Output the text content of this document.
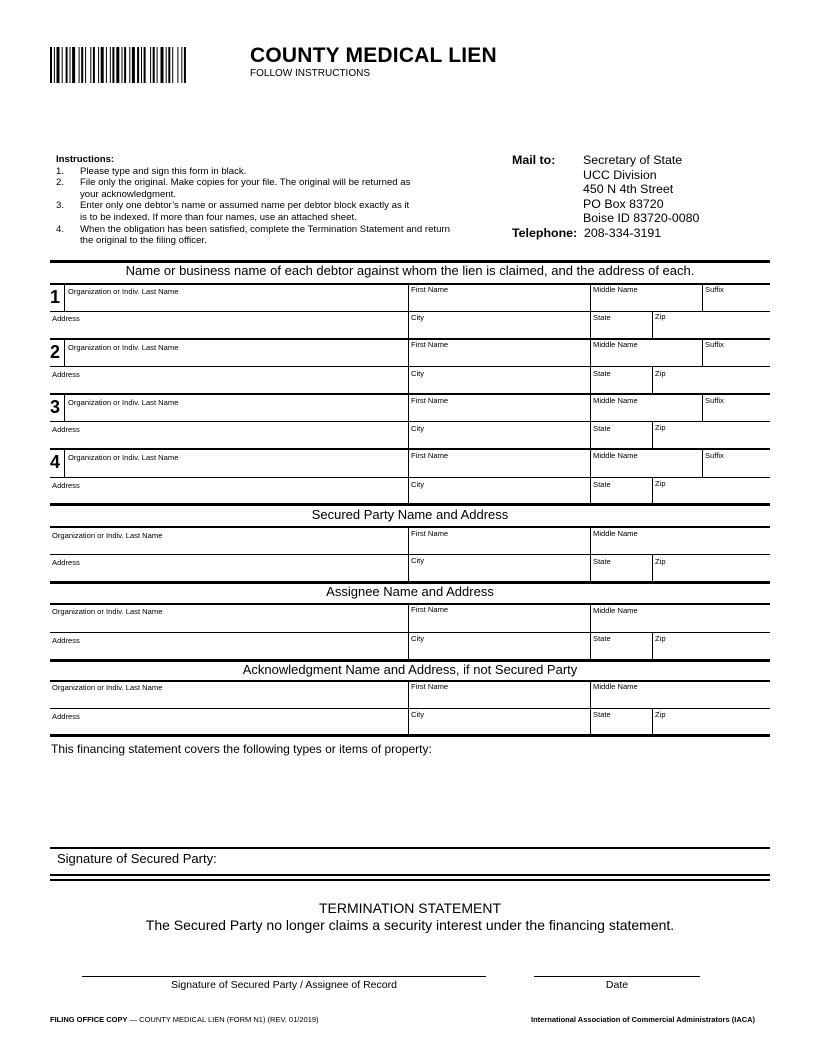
COUNTY MEDICAL LIEN
FOLLOW INSTRUCTIONS
Instructions:
1.	Please type and sign this form in black.
2.	File only the original. Make copies for your file. The original will be returned as
your acknowledgment.
3.	Enter only one debtor’s name or assumed name per debtor block exactly as it
is to be indexed. If more than four names, use an attached sheet.
4.	When the obligation has been satisfied, complete the Termination Statement and return
the original to the filing officer.
Mail to: Secretary of State
UCC Division
450 N 4th Street
PO Box 83720
Boise ID 83720-0080
Telephone: 208-334-3191
Name or business name of each debtor against whom the lien is claimed, and the address of each.
1 Organization or Indiv. Last Name	First Name	Middle Name	Suffix
Address	City	State	Zip
2 Organization or Indiv. Last Name	First Name	Middle Name	Suffix
Address	City	State	Zip
3 Organization or Indiv. Last Name	First Name	Middle Name	Suffix
Address	City	State	Zip
4 Organization or Indiv. Last Name	First Name	Middle Name	Suffix
Address	City	State	Zip
Secured Party Name and Address
Organization or Indiv. Last Name	First Name	Middle Name
Address	City	State	Zip
Assignee Name and Address
Organization or Indiv. Last Name	First Name	Middle Name
Address	City	State	Zip
Acknowledgment Name and Address, if not Secured Party
Organization or Indiv. Last Name	First Name	Middle Name
Address	City	State	Zip
This financing statement covers the following types or items of property:
Signature of Secured Party:
TERMINATION STATEMENT
The Secured Party no longer claims a security interest under the financing statement.
Signature of Secured Party / Assignee of Record	Date
FILING OFFICE COPY — COUNTY MEDICAL LIEN (FORM N1) (REV. 01/2019)	International Association of Commercial Administrators (IACA)
